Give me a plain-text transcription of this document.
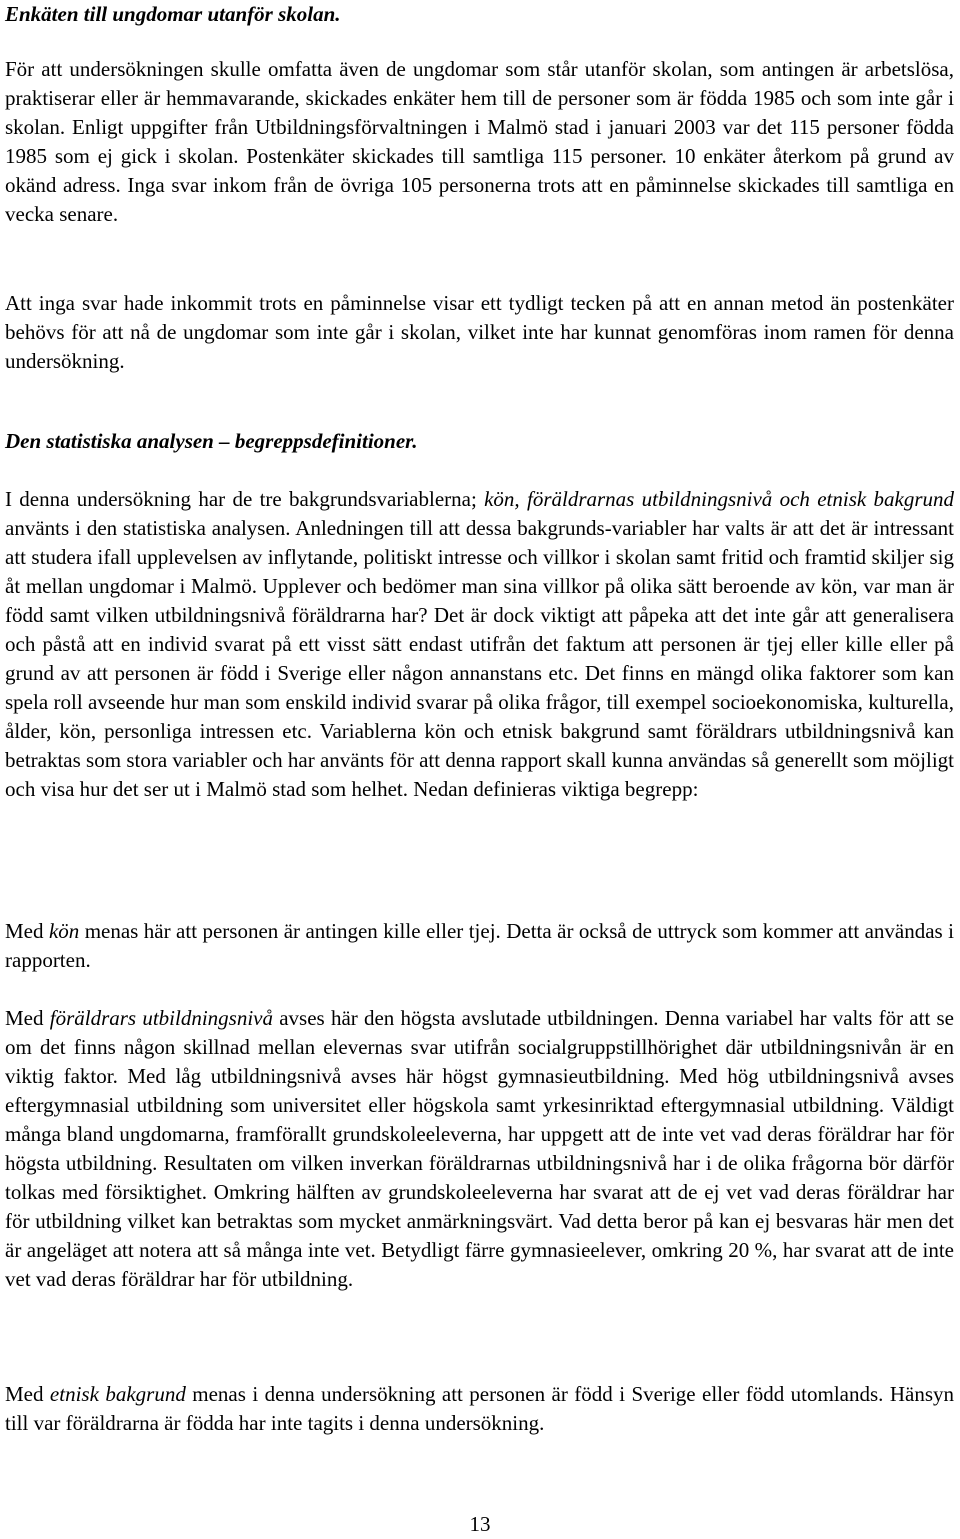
Enkäten till ungdomar utanför skolan.

För att undersökningen skulle omfatta även de ungdomar som står utanför skolan, som antingen är arbetslösa, praktiserar eller är hemmavarande, skickades enkäter hem till de personer som är födda 1985 och som inte går i skolan. Enligt uppgifter från Utbildningsförvaltningen i Malmö stad i januari 2003 var det 115 personer födda 1985 som ej gick i skolan. Postenkäter skickades till samtliga 115 personer. 10 enkäter återkom på grund av okänd adress. Inga svar inkom från de övriga 105 personerna trots att en påminnelse skickades till samtliga en vecka senare.

Att inga svar hade inkommit trots en påminnelse visar ett tydligt tecken på att en annan metod än postenkäter behövs för att nå de ungdomar som inte går i skolan, vilket inte har kunnat genomföras inom ramen för denna undersökning.

Den statistiska analysen – begreppsdefinitioner.

I denna undersökning har de tre bakgrundsvariablerna; kön, föräldrarnas utbildningsnivå och etnisk bakgrund använts i den statistiska analysen. Anledningen till att dessa bakgrunds-variabler har valts är att det är intressant att studera ifall upplevelsen av inflytande, politiskt intresse och villkor i skolan samt fritid och framtid skiljer sig åt mellan ungdomar i Malmö. Upplever och bedömer man sina villkor på olika sätt beroende av kön, var man är född samt vilken utbildningsnivå föräldrarna har? Det är dock viktigt att påpeka att det inte går att generalisera och påstå att en individ svarat på ett visst sätt endast utifrån det faktum att personen är tjej eller kille eller på grund av att personen är född i Sverige eller någon annanstans etc. Det finns en mängd olika faktorer som kan spela roll avseende hur man som enskild individ svarar på olika frågor, till exempel socioekonomiska, kulturella, ålder, kön, personliga intressen etc. Variablerna kön och etnisk bakgrund samt föräldrars utbildningsnivå kan betraktas som stora variabler och har använts för att denna rapport skall kunna användas så generellt som möjligt och visa hur det ser ut i Malmö stad som helhet. Nedan definieras viktiga begrepp:

Med kön menas här att personen är antingen kille eller tjej. Detta är också de uttryck som kommer att användas i rapporten.

Med föräldrars utbildningsnivå avses här den högsta avslutade utbildningen. Denna variabel har valts för att se om det finns någon skillnad mellan elevernas svar utifrån socialgruppstillhörighet där utbildningsnivån är en viktig faktor. Med låg utbildningsnivå avses här högst gymnasieutbildning. Med hög utbildningsnivå avses eftergymnasial utbildning som universitet eller högskola samt yrkesinriktad eftergymnasial utbildning. Väldigt många bland ungdomarna, framförallt grundskoleeleverna, har uppgett att de inte vet vad deras föräldrar har för högsta utbildning. Resultaten om vilken inverkan föräldrarnas utbildningsnivå har i de olika frågorna bör därför tolkas med försiktighet. Omkring hälften av grundskoleeleverna har svarat att de ej vet vad deras föräldrar har för utbildning vilket kan betraktas som mycket anmärkningsvärt. Vad detta beror på kan ej besvaras här men det är angeläget att notera att så många inte vet. Betydligt färre gymnasieelever, omkring 20 %, har svarat att de inte vet vad deras föräldrar har för utbildning.

Med etnisk bakgrund menas i denna undersökning att personen är född i Sverige eller född utomlands. Hänsyn till var föräldrarna är födda har inte tagits i denna undersökning.

13
